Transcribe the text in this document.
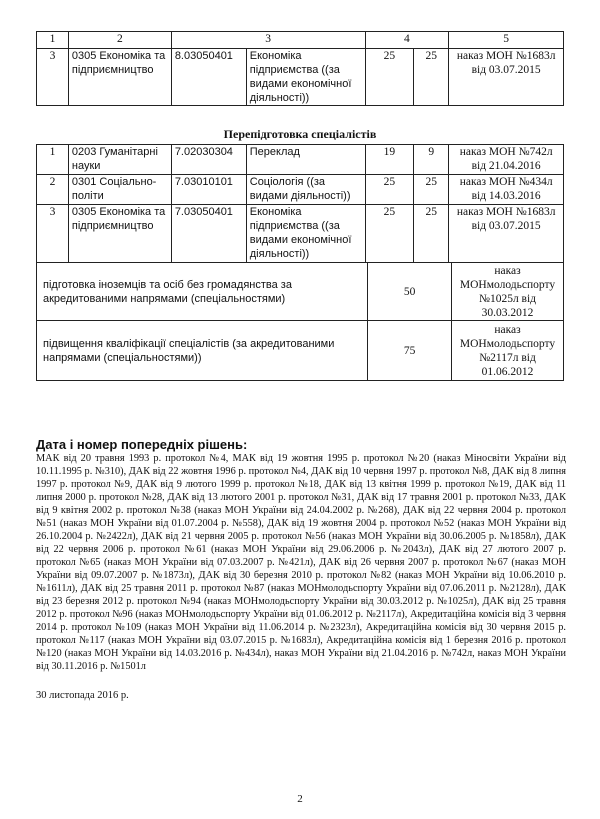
1	2	3		4		5
3	0305 Економіка та підприємництво	8.03050401	Економіка підприємства ((за видами економічної діяльності))	25	25	наказ МОН №1683л від 03.07.2015
Перепідготовка спеціалістів
1	0203 Гуманітарні науки	7.02030304	Переклад	19	9	наказ МОН №742л від 21.04.2016
2	0301 Соціально-політи	7.03010101	Соціологія ((за видами діяльності))	25	25	наказ МОН №434л від 14.03.2016
3	0305 Економіка та підприємництво	7.03050401	Економіка підприємства ((за видами економічної діяльності))	25	25	наказ МОН №1683л від 03.07.2015
підготовка іноземців та осіб без громадянства за акредитованими напрямами (спеціальностями)	50	наказ МОНмолодьспорту №1025л від 30.03.2012
підвищення кваліфікації спеціалістів (за акредитованими напрямами (спеціальностями))	75	наказ МОНмолодьспорту №2117л від 01.06.2012
Дата і номер попередніх рішень:
МАК від 20 травня 1993 р. протокол №4, МАК від 19 жовтня 1995 р. протокол №20 (наказ Міносвіти України від 10.11.1995 р. №310), ДАК від 22 жовтня 1996 р. протокол №4, ДАК від 10 червня 1997 р. протокол №8, ДАК від 8 липня 1997 р. протокол №9, ДАК від 9 лютого 1999 р. протокол №18, ДАК від 13 квітня 1999 р. протокол №19, ДАК від 11 липня 2000 р. протокол №28, ДАК від 13 лютого 2001 р. протокол №31, ДАК від 17 травня 2001 р. протокол №33, ДАК від 9 квітня 2002 р. протокол №38 (наказ МОН України від 24.04.2002 р. №268), ДАК від 22 червня 2004 р. протокол №51 (наказ МОН України від 01.07.2004 р. №558), ДАК від 19 жовтня 2004 р. протокол №52 (наказ МОН України від 26.10.2004 р. №2422л), ДАК від 21 червня 2005 р. протокол №56 (наказ МОН України від 30.06.2005 р. №1858л), ДАК від 22 червня 2006 р. протокол №61 (наказ МОН України від 29.06.2006 р. №2043л), ДАК від 27 лютого 2007 р. протокол №65 (наказ МОН України від 07.03.2007 р. №421л), ДАК від 26 червня 2007 р. протокол №67 (наказ МОН України від 09.07.2007 р. №1873л), ДАК від 30 березня 2010 р. протокол №82 (наказ МОН України від 10.06.2010 р. №1611л), ДАК від 25 травня 2011 р. протокол №87 (наказ МОНмолодьспорту України від 07.06.2011 р. №2128л), ДАК від 23 березня 2012 р. протокол №94 (наказ МОНмолодьспорту України від 30.03.2012 р. №1025л), ДАК від 25 травня 2012 р. протокол №96 (наказ МОНмолодьспорту України від 01.06.2012 р. №2117л), Акредитаційна комісія від 3 червня 2014 р. протокол №109 (наказ МОН України від 11.06.2014 р. №2323л), Акредитаційна комісія від 30 червня 2015 р. протокол №117 (наказ МОН України від 03.07.2015 р. №1683л), Акредитаційна комісія від 1 березня 2016 р. протокол №120 (наказ МОН України від 14.03.2016 р. №434л), наказ МОН України від 21.04.2016 р. №742л, наказ МОН України від 30.11.2016 р. №1501л
30 листопада 2016 р.
2
